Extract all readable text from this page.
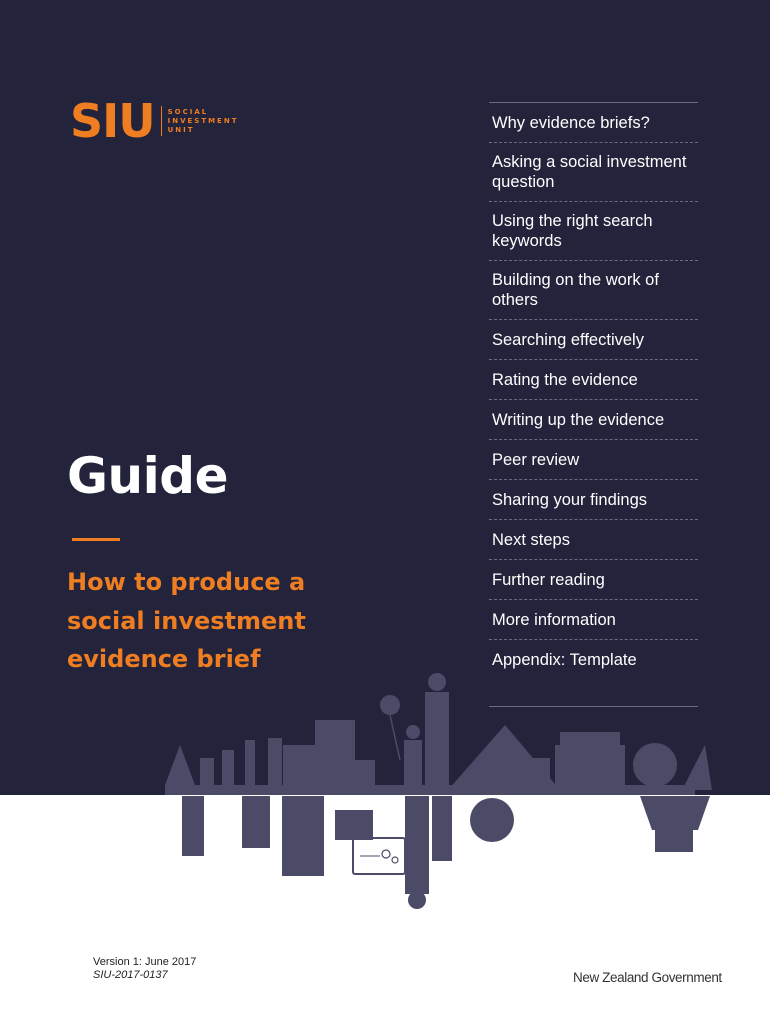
SIU SOCIAL
INVESTMENT
UNIT
Guide
How to produce a
social investment
evidence brief
Why evidence briefs?
Asking a social investment question
Using the right search keywords
Building on the work of others
Searching effectively
Rating the evidence
Writing up the evidence
Peer review
Sharing your findings
Next steps
Further reading
More information
Appendix: Template
Version 1: June 2017
SIU-2017-0137	New Zealand Government
